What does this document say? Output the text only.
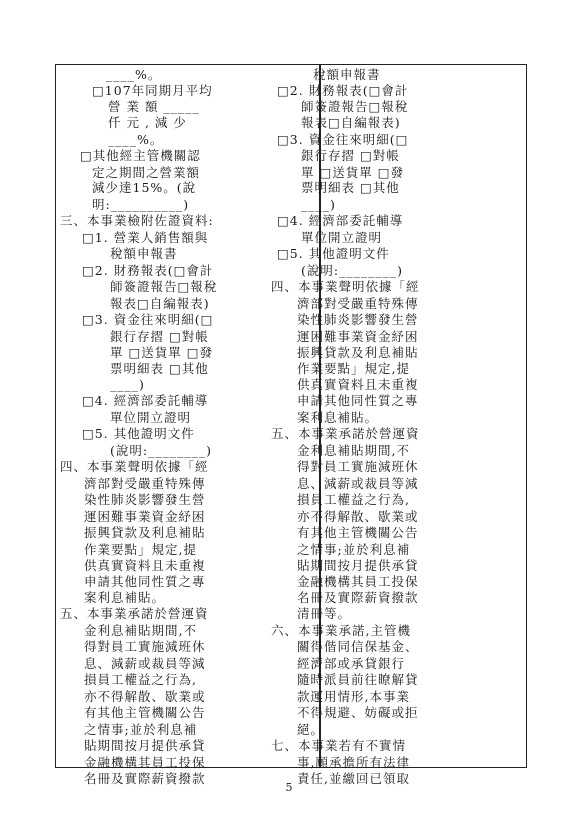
____%。
□107年同期月平均
營 業 額 _____
仟 元 , 減 少
____%。
□其他經主管機關認
定之期間之營業額
減少達15%。(說
明:__________)
三、本事業檢附佐證資料:
□1. 營業人銷售額與
稅額申報書
□2. 財務報表(□會計
師簽證報告□報稅
報表□自編報表)
□3. 資金往來明細(□
銀行存摺 □對帳
單 □送貨單 □發
票明細表 □其他
____)
□4. 經濟部委託輔導
單位開立證明
□5. 其他證明文件
(說明:________)
四、本事業聲明依據「經
濟部對受嚴重特殊傳
染性肺炎影響發生營
運困難事業資金紓困
振興貸款及利息補貼
作業要點」規定,提
供真實資料且未重複
申請其他同性質之專
案利息補貼。
五、本事業承諾於營運資
金利息補貼期間,不
得對員工實施減班休
息、減薪或裁員等減
損員工權益之行為,
亦不得解散、歇業或
有其他主管機關公告
之情事;並於利息補
貼期間按月提供承貸
金融機構其員工投保
名冊及實際薪資撥款
稅額申報書
□2. 財務報表(□會計
師簽證報告□報稅
報表□自編報表)
□3. 資金往來明細(□
銀行存摺 □對帳
單 □送貨單 □發
票明細表 □其他
____)
□4. 經濟部委託輔導
單位開立證明
□5. 其他證明文件
(說明:________)
四、本事業聲明依據「經
濟部對受嚴重特殊傳
染性肺炎影響發生營
運困難事業資金紓困
振興貸款及利息補貼
作業要點」規定,提
供真實資料且未重複
申請其他同性質之專
案利息補貼。
五、本事業承諾於營運資
金利息補貼期間,不
得對員工實施減班休
息、減薪或裁員等減
損員工權益之行為,
亦不得解散、歇業或
有其他主管機關公告
之情事;並於利息補
貼期間按月提供承貸
金融機構其員工投保
名冊及實際薪資撥款
清冊等。
六、本事業承諾,主管機
關得偕同信保基金、
經濟部或承貸銀行
隨時派員前往瞭解貸
款運用情形,本事業
不得規避、妨礙或拒
絕。
七、本事業若有不實情
事,願承擔所有法律
責任,並繳回已領取
5
